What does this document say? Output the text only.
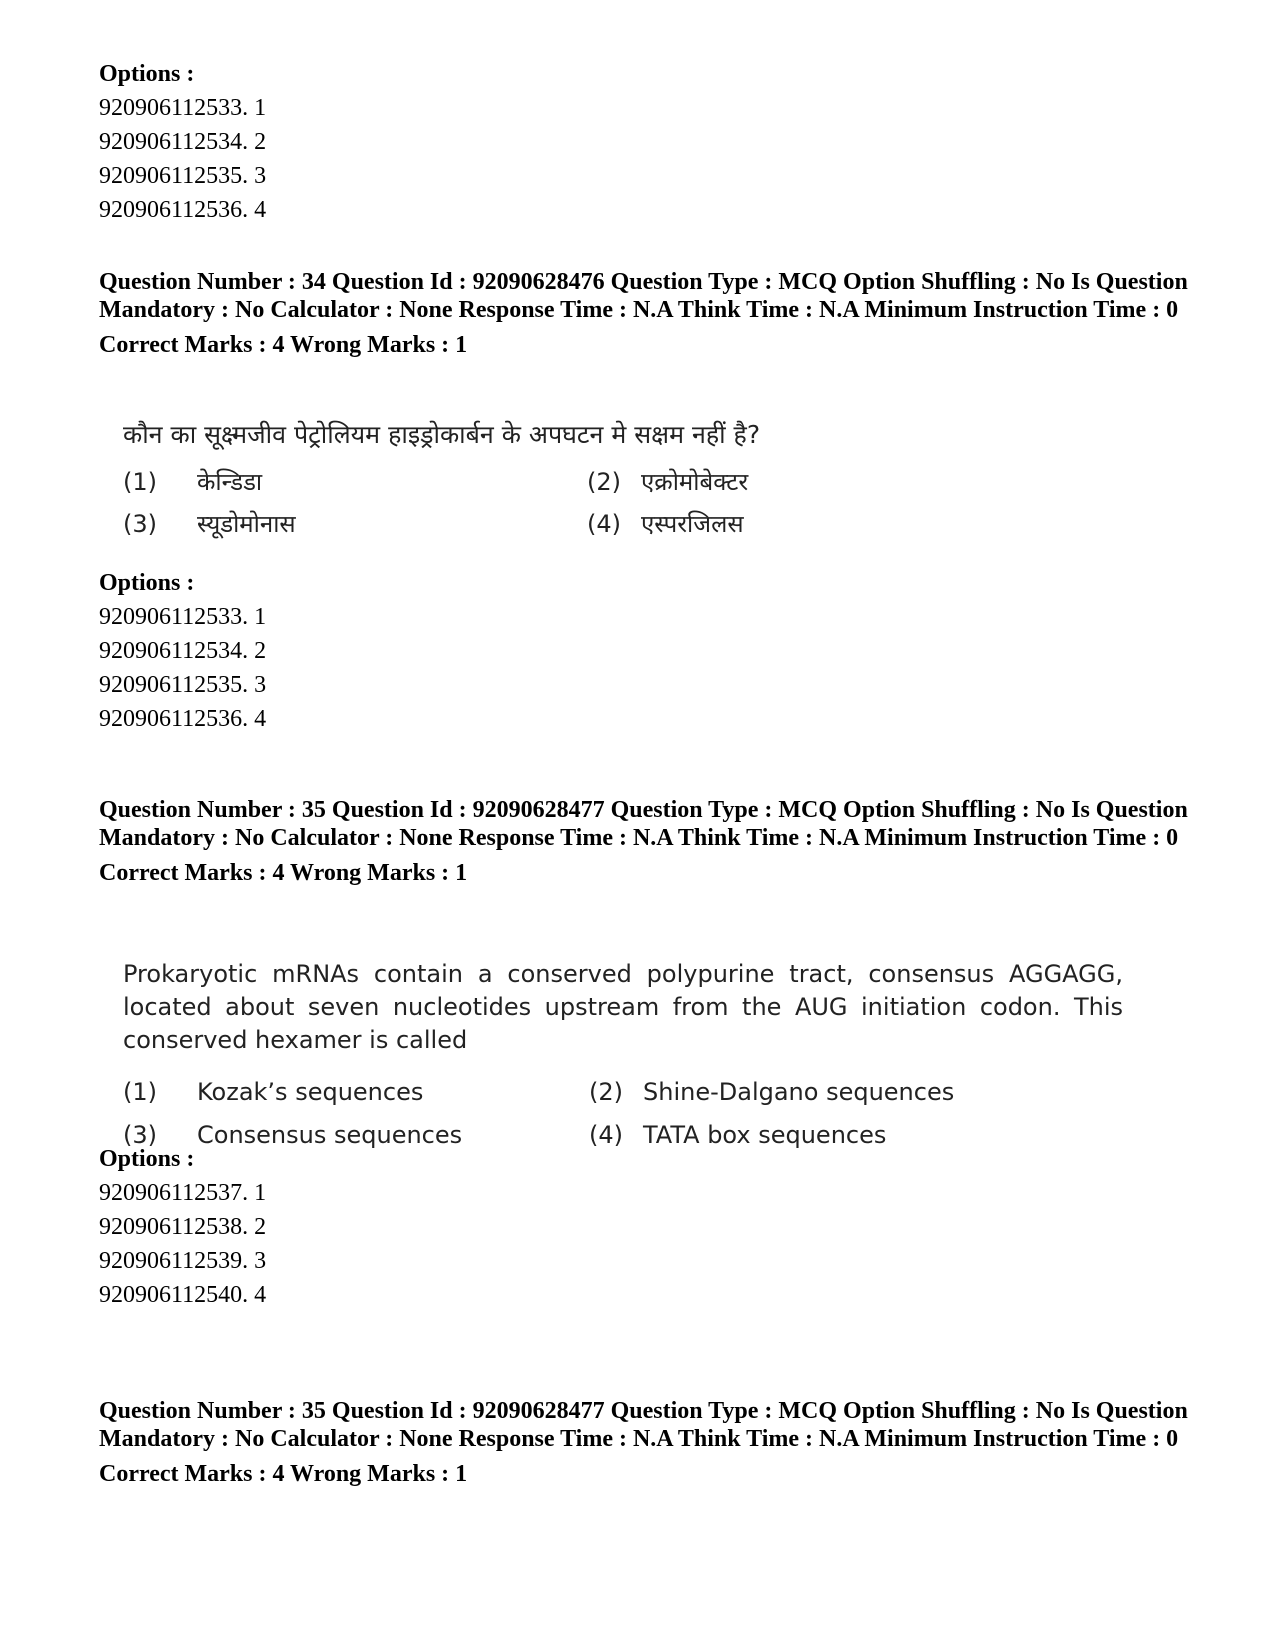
Options :
920906112533. 1
920906112534. 2
920906112535. 3
920906112536. 4
Question Number : 34 Question Id : 92090628476 Question Type : MCQ Option Shuffling : No Is Question Mandatory : No Calculator : None Response Time : N.A Think Time : N.A Minimum Instruction Time : 0
Correct Marks : 4 Wrong Marks : 1
कौन का सूक्ष्मजीव पेट्रोलियम हाइड्रोकार्बन के अपघटन मे सक्षम नहीं है?
(1) केन्डिडा	(2) एक्रोमोबेक्टर
(3) स्यूडोमोनास	(4) एस्परजिलस
Options :
920906112533. 1
920906112534. 2
920906112535. 3
920906112536. 4
Question Number : 35 Question Id : 92090628477 Question Type : MCQ Option Shuffling : No Is Question Mandatory : No Calculator : None Response Time : N.A Think Time : N.A Minimum Instruction Time : 0
Correct Marks : 4 Wrong Marks : 1
Prokaryotic mRNAs contain a conserved polypurine tract, consensus AGGAGG, located about seven nucleotides upstream from the AUG initiation codon. This conserved hexamer is called
(1) Kozak’s sequences	(2) Shine-Dalgano sequences
(3) Consensus sequences	(4) TATA box sequences
Options :
920906112537. 1
920906112538. 2
920906112539. 3
920906112540. 4
Question Number : 35 Question Id : 92090628477 Question Type : MCQ Option Shuffling : No Is Question Mandatory : No Calculator : None Response Time : N.A Think Time : N.A Minimum Instruction Time : 0
Correct Marks : 4 Wrong Marks : 1
